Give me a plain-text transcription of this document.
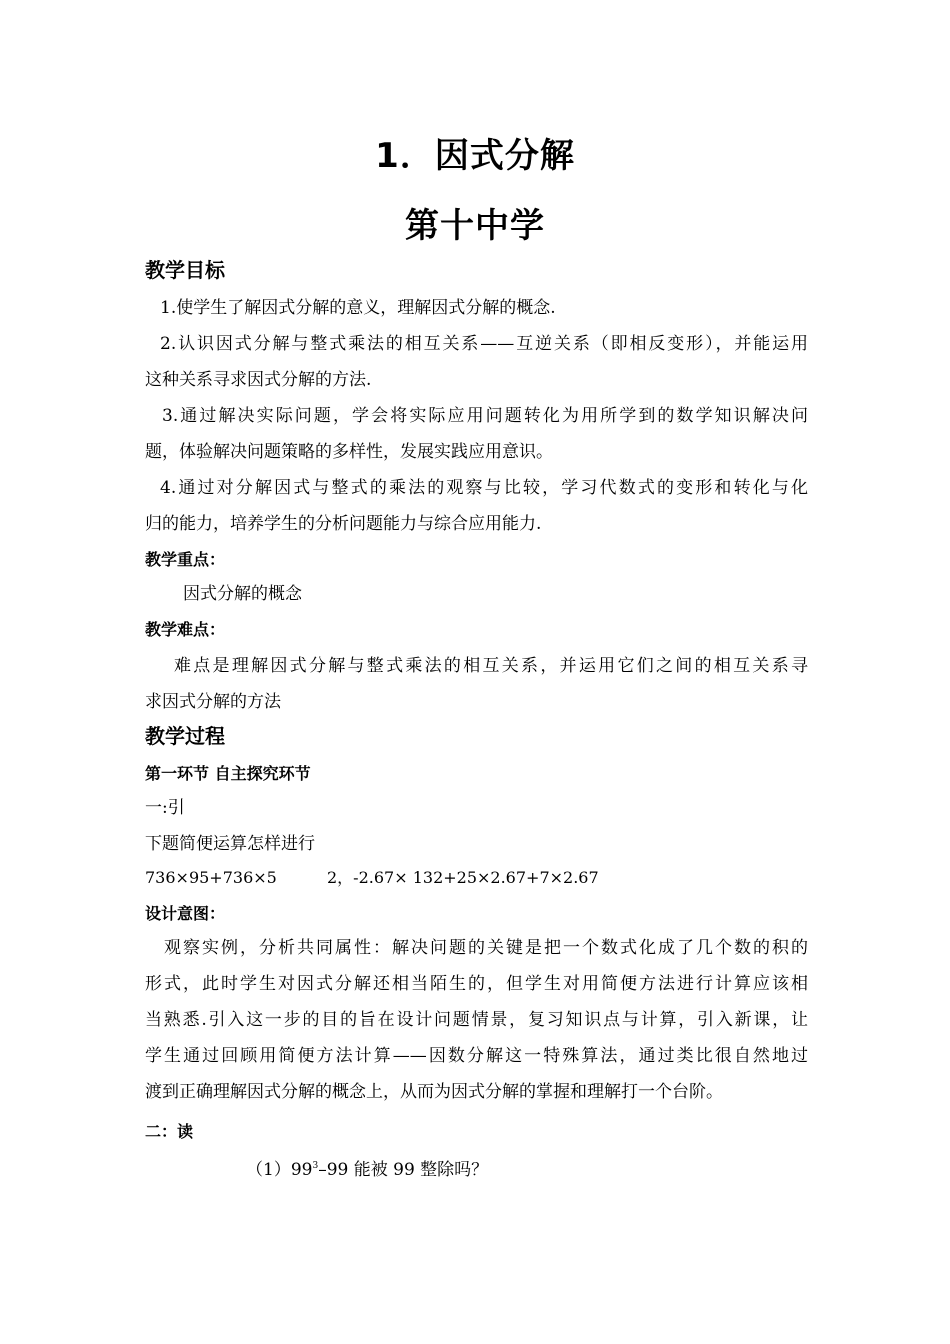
1．因式分解
第十中学
教学目标
1.使学生了解因式分解的意义，理解因式分解的概念.
2.认识因式分解与整式乘法的相互关系——互逆关系（即相反变形），并能运用
这种关系寻求因式分解的方法.
3.通过解决实际问题，学会将实际应用问题转化为用所学到的数学知识解决问
题，体验解决问题策略的多样性，发展实践应用意识。
4.通过对分解因式与整式的乘法的观察与比较，学习代数式的变形和转化与化
归的能力，培养学生的分析问题能力与综合应用能力.
教学重点：
因式分解的概念
教学难点：
难点是理解因式分解与整式乘法的相互关系，并运用它们之间的相互关系寻
求因式分解的方法
教学过程
第一环节 自主探究环节
一:引
下题简便运算怎样进行
736×95+736×5	2，-2.67× 132+25×2.67+7×2.67
设计意图：
观察实例，分析共同属性：解决问题的关键是把一个数式化成了几个数的积的
形式，此时学生对因式分解还相当陌生的，但学生对用简便方法进行计算应该相
当熟悉.引入这一步的目的旨在设计问题情景，复习知识点与计算，引入新课，让
学生通过回顾用简便方法计算——因数分解这一特殊算法，通过类比很自然地过
渡到正确理解因式分解的概念上，从而为因式分解的掌握和理解打一个台阶。
二：读
$(1)99^3-99$ 能被 99 整除吗？
